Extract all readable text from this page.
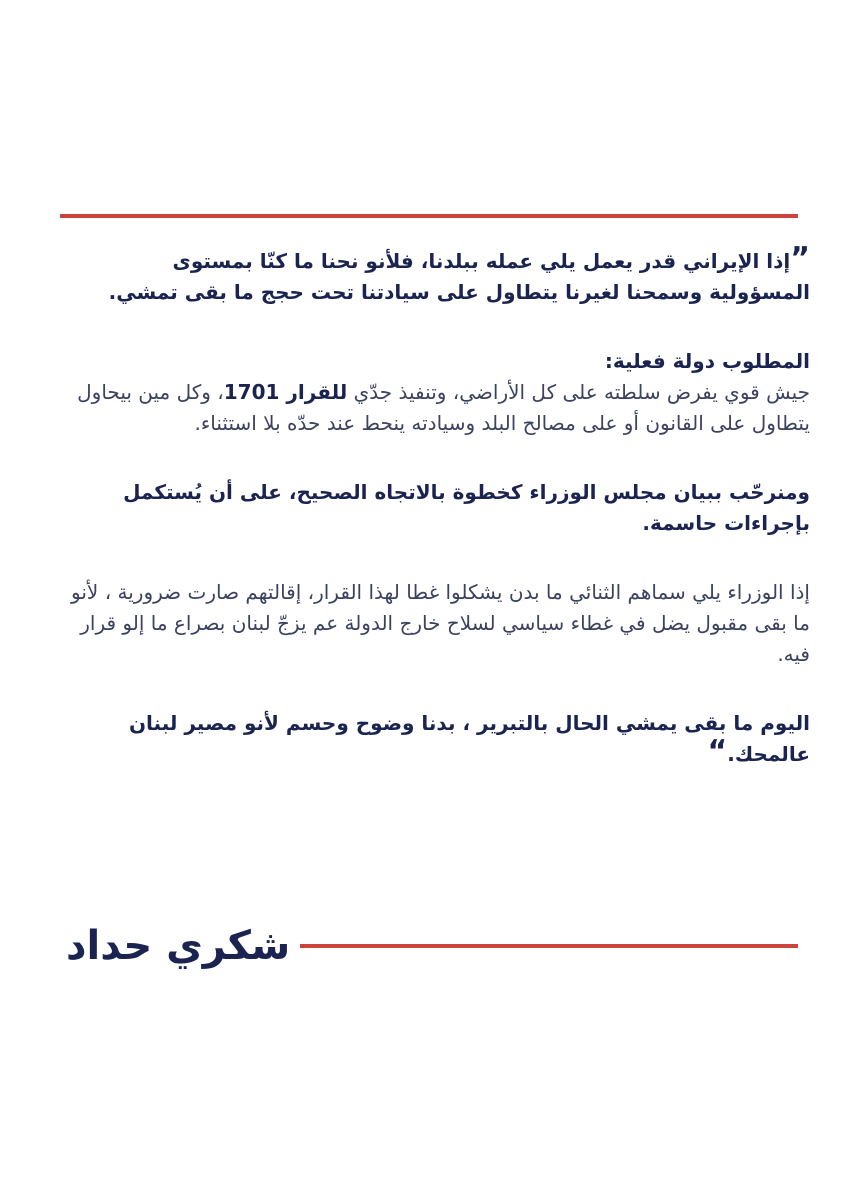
”إذا الإيراني قدر يعمل يلي عمله ببلدنا، فلأنو نحنا ما كنّا بمستوى المسؤولية وسمحنا لغيرنا يتطاول على سيادتنا تحت حجج ما بقى تمشي.

المطلوب دولة فعلية:

جيش قوي يفرض سلطته على كل الأراضي، وتنفيذ جدّي للقرار 1701، وكل مين بيحاول يتطاول على القانون أو على مصالح البلد وسيادته ينحط عند حدّه بلا استثناء.

ومنرحّب ببيان مجلس الوزراء كخطوة بالاتجاه الصحيح، على أن يُستكمل بإجراءات حاسمة.

إذا الوزراء يلي سماهم الثنائي ما بدن يشكلوا غطا لهذا القرار، إقالتهم صارت ضرورية ، لأنو ما بقى مقبول يضل في غطاء سياسي لسلاح خارج الدولة عم يزجّ لبنان بصراع ما إلو قرار فيه.

اليوم ما بقى يمشي الحال بالتبرير ، بدنا وضوح وحسم لأنو مصير لبنان عالمحك.“

شكري حداد
